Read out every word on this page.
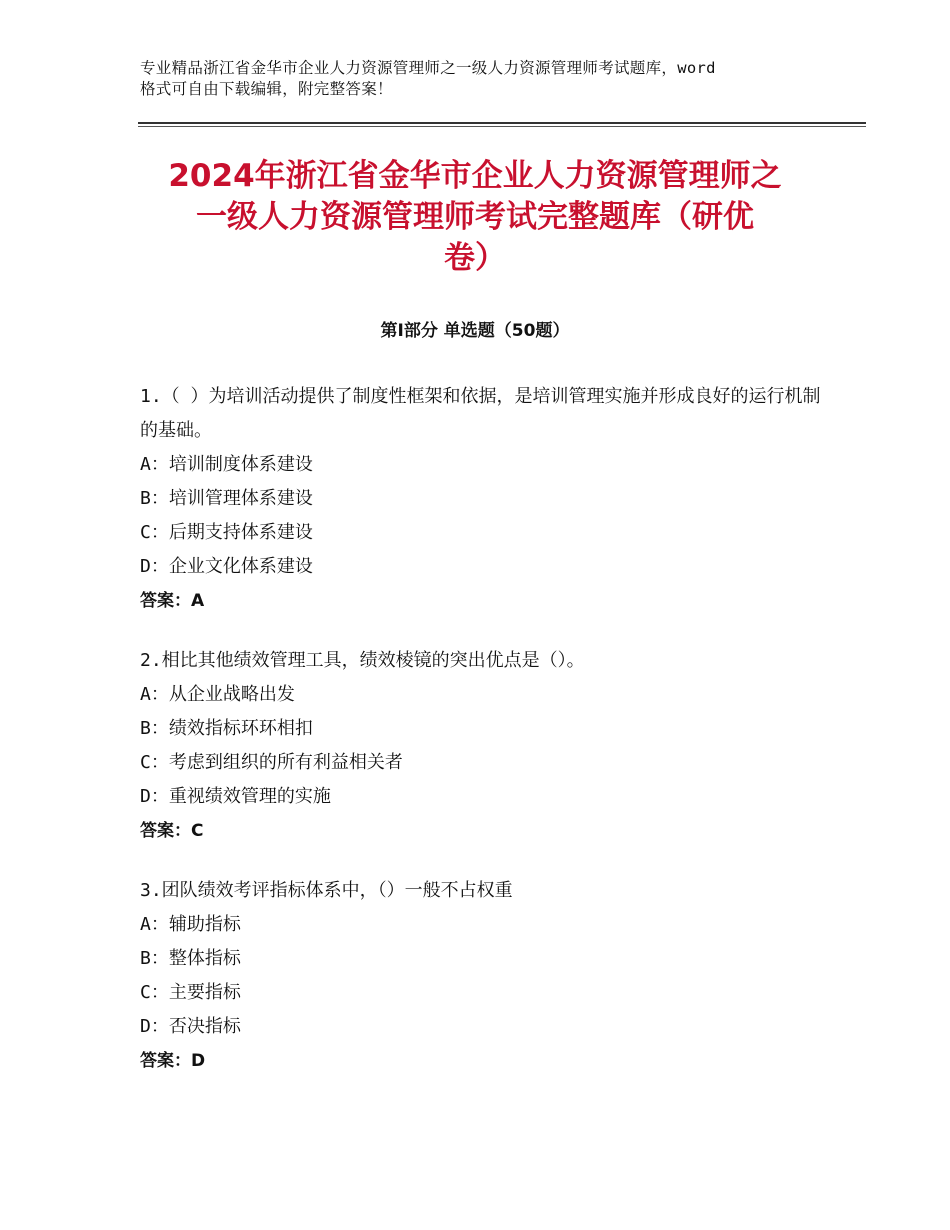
专业精品浙江省金华市企业人力资源管理师之一级人力资源管理师考试题库，word
格式可自由下载编辑，附完整答案！
2024年浙江省金华市企业人力资源管理师之
一级人力资源管理师考试完整题库（研优
卷）
第Ⅰ部分 单选题（50题）
1.（ ）为培训活动提供了制度性框架和依据，是培训管理实施并形成良好的运行机制的基础。
A：培训制度体系建设
B：培训管理体系建设
C：后期支持体系建设
D：企业文化体系建设
答案：A
2.相比其他绩效管理工具，绩效棱镜的突出优点是（）。
A：从企业战略出发
B：绩效指标环环相扣
C：考虑到组织的所有利益相关者
D：重视绩效管理的实施
答案：C
3.团队绩效考评指标体系中，（）一般不占权重
A：辅助指标
B：整体指标
C：主要指标
D：否决指标
答案：D
